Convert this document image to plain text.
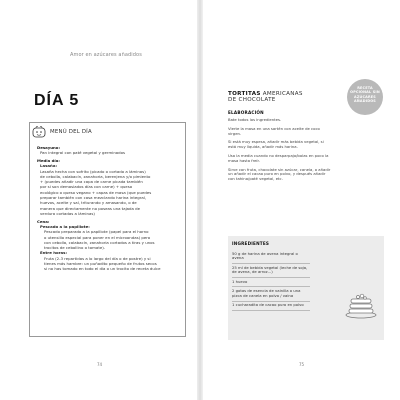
Amor en azúcares añadidos
DÍA 5
MENÚ DEL DÍA
Desayuno:
Pan integral con paté vegetal y germinados
Media día:
Lasaña:
Lasaña hecha con sofrito (picado o cortado a láminas)
de cebolla, calabacín, zanahoria, berenjena y/o pimiento
+ (puedes añadir una capa de carne picada también
por si son demasiados días con carne) + queso
ecológico o queso vegano + capas de masa (que puedes
preparar también con casa mezclando harina integral,
huevos, aceite y sal, triturando y amasando, o de
manera que directamente no poseas una tajada de
verdura cortadas a láminas)
Cena:
Pescado a la papillote:
Pescado preparado a la papillote (papel para el horno
o utensilio especial para poner en el microondas) pero
con cebolla, calabacín, zanahoria cortados a tiras y unos
trocitos de cebollino o tomate).
Entre horas:
Fruta (2-3 repartidas a lo largo del día o de postre) y si
tienes más hambre: un puñadito pequeño de frutos secos
si no has tomado en todo el día o un trocito de receta dulce
74
RECETA OPCIONAL SIN AZÚCARES AÑADIDOS
TORTITAS AMERICANAS
DE CHOCOLATE
ELABORACIÓN

Bate todos los ingredientes.

Vierte la masa en una sartén con aceite de coco virgen.

Si está muy espesa, añadir más bebida vegetal, si está muy líquida, añadir más harina.

Usa la media cuando no desparpajo/bolas en poco la masa hasta freír.

Sirve con fruta, chocolate sin azúcar, canela, o añadir un añadir el cacao puro en polvo, y después añadir con tahina/paté vegetal, etc.

INGREDIENTES
50 g de harina de avena integral o avena
25 ml de bebida vegetal (leche de soja, de avena, de arroz...)
1 huevo
2 gotas de esencia de vainilla o una pizca de canela en polvo / vaina
1 cucharadita de cacao puro en polvo
75
